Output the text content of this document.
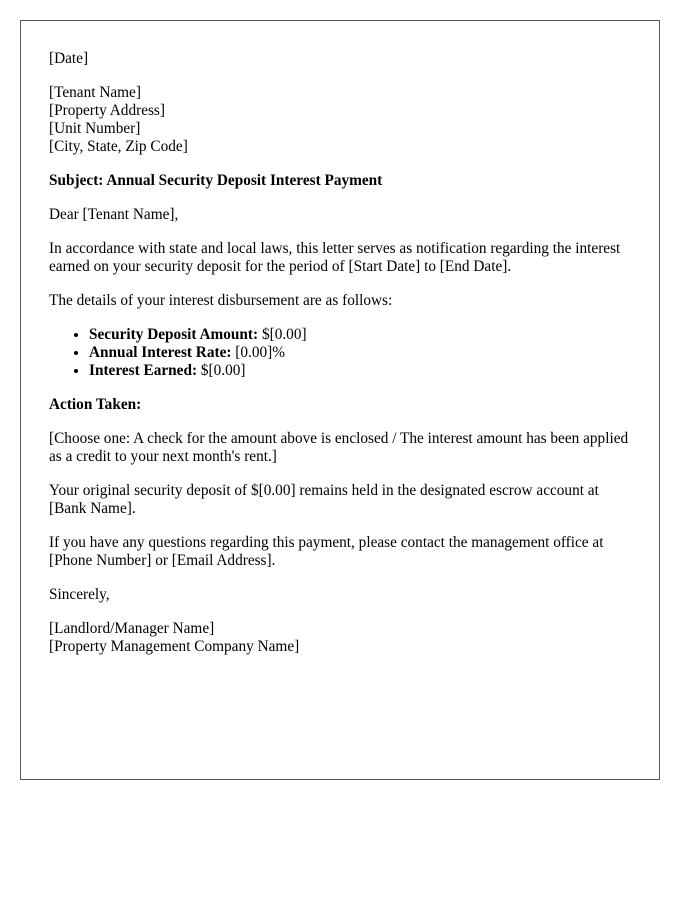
[Date]

[Tenant Name]

[Property Address]

[Unit Number]

[City, State, Zip Code]

Subject: Annual Security Deposit Interest Payment

Dear [Tenant Name],

In accordance with state and local laws, this letter serves as notification regarding the interest earned on your security deposit for the period of [Start Date] to [End Date].

The details of your interest disbursement are as follows:

• Security Deposit Amount: $[0.00]
• Annual Interest Rate: [0.00]%
• Interest Earned: $[0.00]

Action Taken:

[Choose one: A check for the amount above is enclosed / The interest amount has been applied as a credit to your next month's rent.]

Your original security deposit of $[0.00] remains held in the designated escrow account at [Bank Name].

If you have any questions regarding this payment, please contact the management office at [Phone Number] or [Email Address].

Sincerely,

[Landlord/Manager Name]

[Property Management Company Name]
